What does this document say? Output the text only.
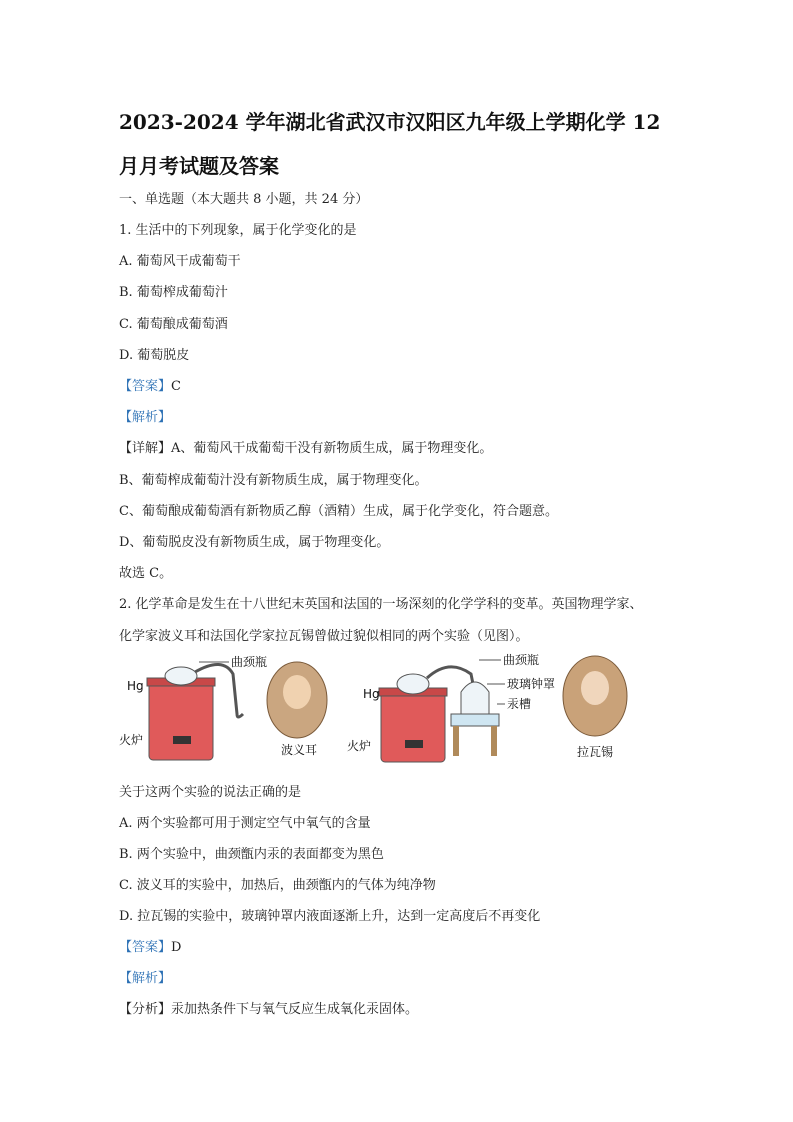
2023-2024 学年湖北省武汉市汉阳区九年级上学期化学 12
月月考试题及答案
一、单选题（本大题共 8 小题，共 24 分）
1. 生活中的下列现象，属于化学变化的是
A. 葡萄风干成葡萄干
B. 葡萄榨成葡萄汁
C. 葡萄酿成葡萄酒
D. 葡萄脱皮
【答案】C
【解析】
【详解】A、葡萄风干成葡萄干没有新物质生成，属于物理变化。
B、葡萄榨成葡萄汁没有新物质生成，属于物理变化。
C、葡萄酿成葡萄酒有新物质乙醇（酒精）生成，属于化学变化，符合题意。
D、葡萄脱皮没有新物质生成，属于物理变化。
故选 C。
2. 化学革命是发生在十八世纪末英国和法国的一场深刻的化学学科的变革。英国物理学家、
化学家波义耳和法国化学家拉瓦锡曾做过貌似相同的两个实验（见图）。
曲颈瓶
Hg
火炉
波义耳
曲颈瓶
玻璃钟罩
汞槽
Hg
火炉	拉瓦锡
关于这两个实验的说法正确的是
A. 两个实验都可用于测定空气中氧气的含量
B. 两个实验中，曲颈甑内汞的表面都变为黑色
C. 波义耳的实验中，加热后，曲颈甑内的气体为纯净物
D. 拉瓦锡的实验中，玻璃钟罩内液面逐渐上升，达到一定高度后不再变化
【答案】D
【解析】
【分析】汞加热条件下与氧气反应生成氧化汞固体。
